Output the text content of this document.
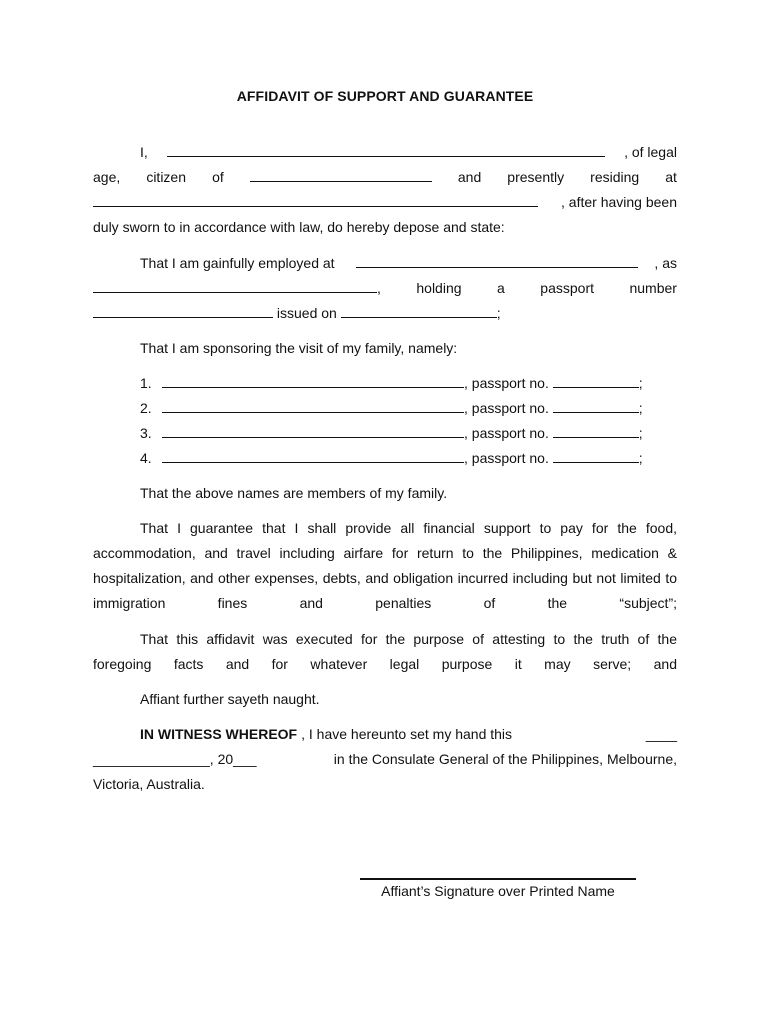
AFFIDAVIT OF SUPPORT AND GUARANTEE
I,	, of legal
age, citizen of	and presently residing at
, after having been
duly sworn to in accordance with law, do hereby depose and state:
That I am gainfully employed at	, as
,	holding	a	passport	number
issued on	;
That I am sponsoring the visit of my family, namely:
1.	, passport no.	;
2.	, passport no.	;
3.	, passport no.	;
4.	, passport no.	;
That the above names are members of my family.
That I guarantee that I shall provide all financial support to pay for the food, accommodation, and travel including airfare for return to the Philippines, medication & hospitalization, and other expenses, debts, and obligation incurred including but not limited to immigration fines and penalties of the “subject”;
That this affidavit was executed for the purpose of attesting to the truth of the foregoing facts and for whatever legal purpose it may serve; and
Affiant further sayeth naught.
IN WITNESS WHEREOF , I have hereunto set my hand this	____
_______________, 20___	in the Consulate General of the Philippines, Melbourne,
Victoria, Australia.
Affiant’s Signature over Printed Name
